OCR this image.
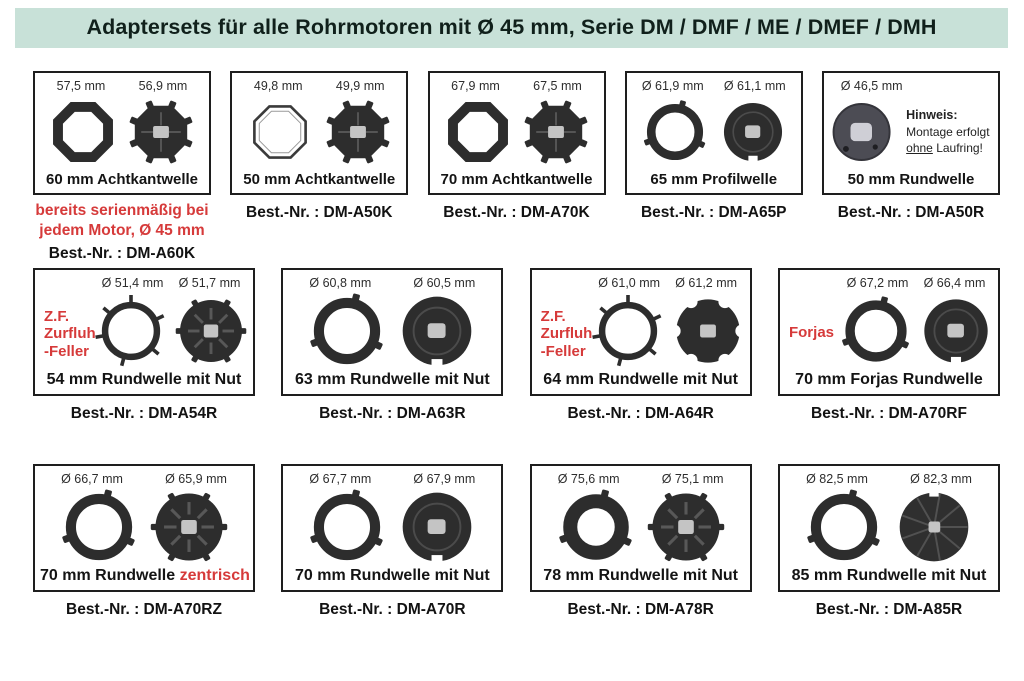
Adaptersets für alle Rohrmotoren mit Ø 45 mm, Serie DM / DMF / ME / DMEF / DMH
57,5 mm	56,9 mm
60 mm Achtkantwelle
bereits serienmäßig bei
jedem Motor, Ø 45 mm
Best.-Nr. : DM-A60K
49,8 mm	49,9 mm
50 mm Achtkantwelle
Best.-Nr. : DM-A50K
67,9 mm	67,5 mm
70 mm Achtkantwelle
Best.-Nr. : DM-A70K
Ø 61,9 mm	Ø 61,1 mm
65 mm Profilwelle
Best.-Nr. : DM-A65P
Ø 46,5 mm
Hinweis:
Montage erfolgt
ohne Laufring!
50 mm Rundwelle
Best.-Nr. : DM-A50R
Ø 51,4 mm	Ø 51,7 mm
Z.F.
Zurfluh
-Feller
54 mm Rundwelle mit Nut
Best.-Nr. : DM-A54R
Ø 60,8 mm	Ø 60,5 mm
63 mm Rundwelle mit Nut
Best.-Nr. : DM-A63R
Ø 61,0 mm	Ø 61,2 mm
Z.F.
Zurfluh
-Feller
64 mm Rundwelle mit Nut
Best.-Nr. : DM-A64R
Ø 67,2 mm	Ø 66,4 mm
Forjas
70 mm Forjas Rundwelle
Best.-Nr. : DM-A70RF
Ø 66,7 mm	Ø 65,9 mm
70 mm Rundwelle zentrisch
Best.-Nr. : DM-A70RZ
Ø 67,7 mm	Ø 67,9 mm
70 mm Rundwelle mit Nut
Best.-Nr. : DM-A70R
Ø 75,6 mm	Ø 75,1 mm
78 mm Rundwelle mit Nut
Best.-Nr. : DM-A78R
Ø 82,5 mm	Ø 82,3 mm
85 mm Rundwelle mit Nut
Best.-Nr. : DM-A85R
